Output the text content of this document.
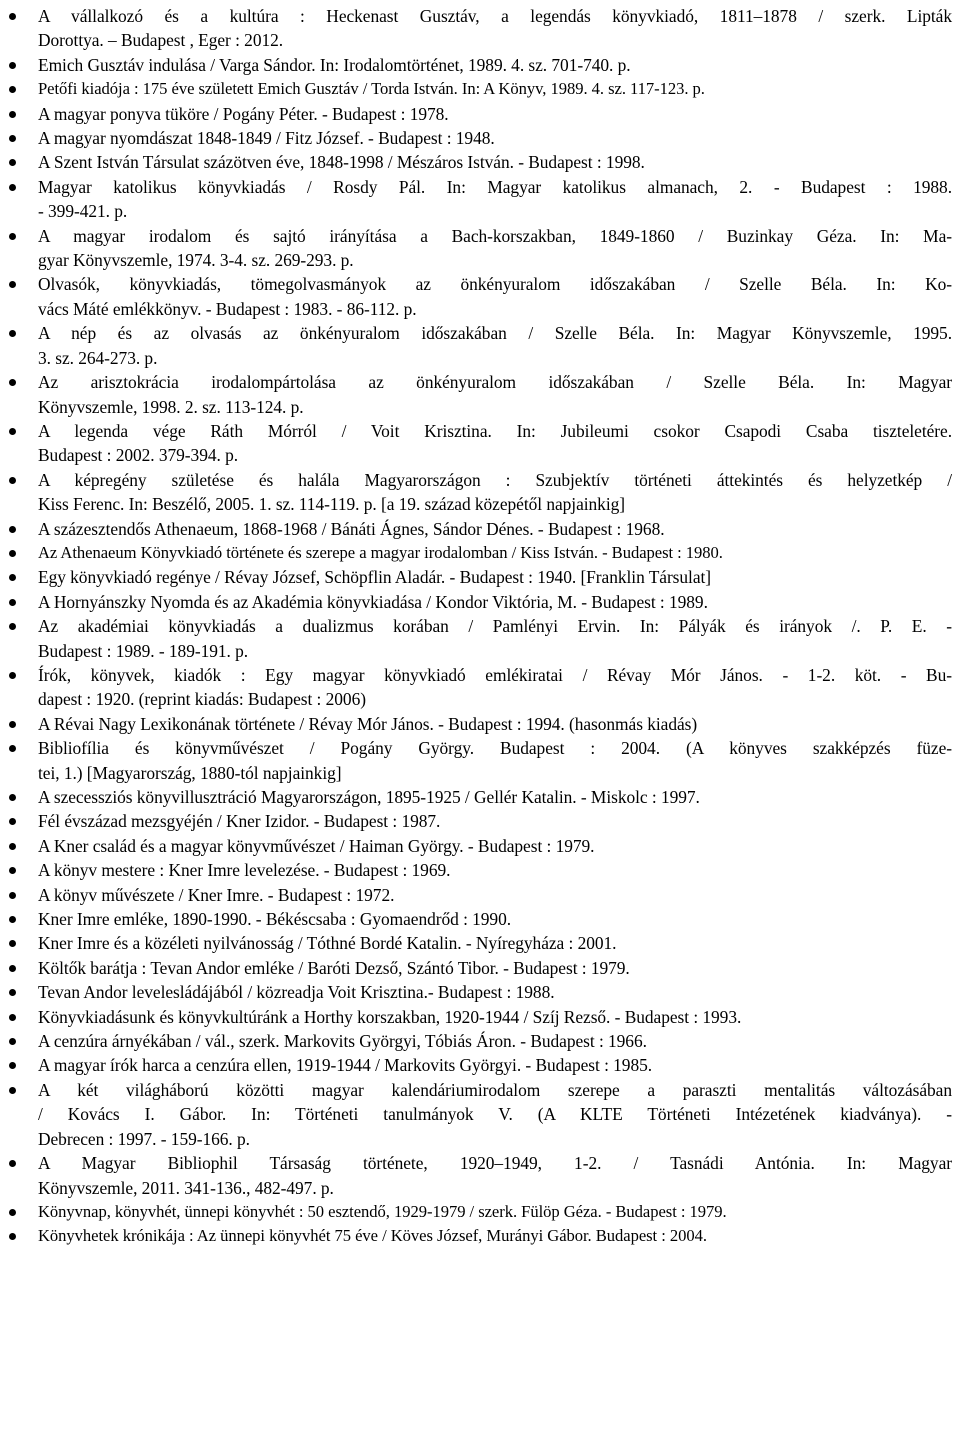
A vállalkozó és a kultúra : Heckenast Gusztáv, a legendás könyvkiadó, 1811–1878 / szerk. Lipták
Dorottya. – Budapest , Eger : 2012.
Emich Gusztáv indulása / Varga Sándor. In: Irodalomtörténet, 1989. 4. sz. 701-740. p.
Petőfi kiadója : 175 éve született Emich Gusztáv / Torda István. In: A Könyv, 1989. 4. sz. 117-123. p.
A magyar ponyva tüköre / Pogány Péter. - Budapest : 1978.
A magyar nyomdászat 1848-1849 / Fitz József. - Budapest : 1948.
A Szent István Társulat százötven éve, 1848-1998 / Mészáros István. - Budapest : 1998.
Magyar katolikus könyvkiadás / Rosdy Pál. In: Magyar katolikus almanach, 2. - Budapest : 1988.
- 399-421. p.
A magyar irodalom és sajtó irányítása a Bach-korszakban, 1849-1860 / Buzinkay Géza. In: Ma-
gyar Könyvszemle, 1974. 3-4. sz. 269-293. p.
Olvasók, könyvkiadás, tömegolvasmányok az önkényuralom időszakában / Szelle Béla. In: Ko-
vács Máté emlékkönyv. - Budapest : 1983. - 86-112. p.
A nép és az olvasás az önkényuralom időszakában / Szelle Béla. In: Magyar Könyvszemle, 1995.
3. sz. 264-273. p.
Az arisztokrácia irodalompártolása az önkényuralom időszakában / Szelle Béla. In: Magyar
Könyvszemle, 1998. 2. sz. 113-124. p.
A legenda vége Ráth Mórról / Voit Krisztina. In: Jubileumi csokor Csapodi Csaba tiszteletére.
Budapest : 2002. 379-394. p.
A képregény születése és halála Magyarországon : Szubjektív történeti áttekintés és helyzetkép /
Kiss Ferenc. In: Beszélő, 2005. 1. sz. 114-119. p. [a 19. század közepétől napjainkig]
A százesztendős Athenaeum, 1868-1968 / Bánáti Ágnes, Sándor Dénes. - Budapest : 1968.
Az Athenaeum Könyvkiadó története és szerepe a magyar irodalomban / Kiss István. - Budapest : 1980.
Egy könyvkiadó regénye / Révay József, Schöpflin Aladár. - Budapest : 1940. [Franklin Társulat]
A Hornyánszky Nyomda és az Akadémia könyvkiadása / Kondor Viktória, M. - Budapest : 1989.
Az akadémiai könyvkiadás a dualizmus korában / Pamlényi Ervin. In: Pályák és irányok /. P. E. -
Budapest : 1989. - 189-191. p.
Írók, könyvek, kiadók : Egy magyar könyvkiadó emlékiratai / Révay Mór János. - 1-2. köt. - Bu-
dapest : 1920. (reprint kiadás: Budapest : 2006)
A Révai Nagy Lexikonának története / Révay Mór János. - Budapest : 1994. (hasonmás kiadás)
Bibliofília és könyvművészet / Pogány György. Budapest : 2004. (A könyves szakképzés füze-
tei, 1.) [Magyarország, 1880-tól napjainkig]
A szecessziós könyvillusztráció Magyarországon, 1895-1925 / Gellér Katalin. - Miskolc : 1997.
Fél évszázad mezsgyéjén / Kner Izidor. - Budapest : 1987.
A Kner család és a magyar könyvművészet / Haiman György. - Budapest : 1979.
A könyv mestere : Kner Imre levelezése. - Budapest : 1969.
A könyv művészete / Kner Imre. - Budapest : 1972.
Kner Imre emléke, 1890-1990. - Békéscsaba : Gyomaendrőd : 1990.
Kner Imre és a közéleti nyilvánosság / Tóthné Bordé Katalin. - Nyíregyháza : 2001.
Költők barátja : Tevan Andor emléke / Baróti Dezső, Szántó Tibor. - Budapest : 1979.
Tevan Andor levelesládájából / közreadja Voit Krisztina.- Budapest : 1988.
Könyvkiadásunk és könyvkultúránk a Horthy korszakban, 1920-1944 / Szíj Rezső. - Budapest : 1993.
A cenzúra árnyékában / vál., szerk. Markovits Györgyi, Tóbiás Áron. - Budapest : 1966.
A magyar írók harca a cenzúra ellen, 1919-1944 / Markovits Györgyi. - Budapest : 1985.
A két világháború közötti magyar kalendáriumirodalom szerepe a paraszti mentalitás változásában
/ Kovács I. Gábor. In: Történeti tanulmányok V. (A KLTE Történeti Intézetének kiadványa). -
Debrecen : 1997. - 159-166. p.
A Magyar Bibliophil Társaság története, 1920–1949, 1-2. / Tasnádi Antónia. In: Magyar
Könyvszemle, 2011. 341-136., 482-497. p.
Könyvnap, könyvhét, ünnepi könyvhét : 50 esztendő, 1929-1979 / szerk. Fülöp Géza. - Budapest : 1979.
Könyvhetek krónikája : Az ünnepi könyvhét 75 éve / Köves József, Murányi Gábor. Budapest : 2004.
